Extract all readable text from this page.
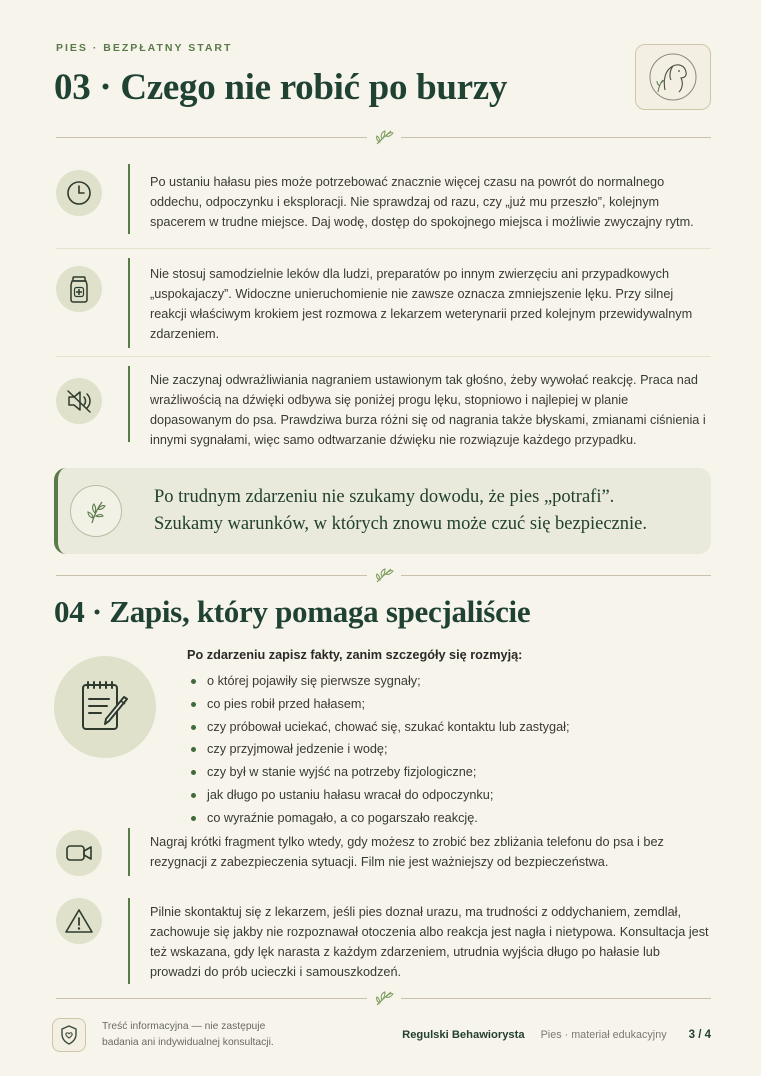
PIES · BEZPŁATNY START
03 · Czego nie robić po burzy

Po ustaniu hałasu pies może potrzebować znacznie więcej czasu na powrót do normalnego oddechu, odpoczynku i eksploracji. Nie sprawdzaj od razu, czy „już mu przeszło”, kolejnym spacerem w trudne miejsce. Daj wodę, dostęp do spokojnego miejsca i możliwie zwyczajny rytm.

Nie stosuj samodzielnie leków dla ludzi, preparatów po innym zwierzęciu ani przypadkowych „uspokajaczy”. Widoczne unieruchomienie nie zawsze oznacza zmniejszenie lęku. Przy silnej reakcji właściwym krokiem jest rozmowa z lekarzem weterynarii przed kolejnym przewidywalnym zdarzeniem.

Nie zaczynaj odwrażliwiania nagraniem ustawionym tak głośno, żeby wywołać reakcję. Praca nad wrażliwością na dźwięki odbywa się poniżej progu lęku, stopniowo i najlepiej w planie dopasowanym do psa. Prawdziwa burza różni się od nagrania także błyskami, zmianami ciśnienia i innymi sygnałami, więc samo odtwarzanie dźwięku nie rozwiązuje każdego przypadku.

Po trudnym zdarzeniu nie szukamy dowodu, że pies „potrafi”.
Szukamy warunków, w których znowu może czuć się bezpiecznie.
04 · Zapis, który pomaga specjaliście
Po zdarzeniu zapisz fakty, zanim szczegóły się rozmyją:
o której pojawiły się pierwsze sygnały;
co pies robił przed hałasem;
czy próbował uciekać, chować się, szukać kontaktu lub zastygał;
czy przyjmował jedzenie i wodę;
czy był w stanie wyjść na potrzeby fizjologiczne;
jak długo po ustaniu hałasu wracał do odpoczynku;
co wyraźnie pomagało, a co pogarszało reakcję.

Nagraj krótki fragment tylko wtedy, gdy możesz to zrobić bez zbliżania telefonu do psa i bez rezygnacji z zabezpieczenia sytuacji. Film nie jest ważniejszy od bezpieczeństwa.

Pilnie skontaktuj się z lekarzem, jeśli pies doznał urazu, ma trudności z oddychaniem, zemdlał, zachowuje się jakby nie rozpoznawał otoczenia albo reakcja jest nagła i nietypowa. Konsultacja jest też wskazana, gdy lęk narasta z każdym zdarzeniem, utrudnia wyjścia długo po hałasie lub prowadzi do prób ucieczki i samouszkodzeń.

Treść informacyjna — nie zastępuje badania ani indywidualnej konsultacji.
Regulski Behawiorysta Pies · materiał edukacyjny 3 / 4
